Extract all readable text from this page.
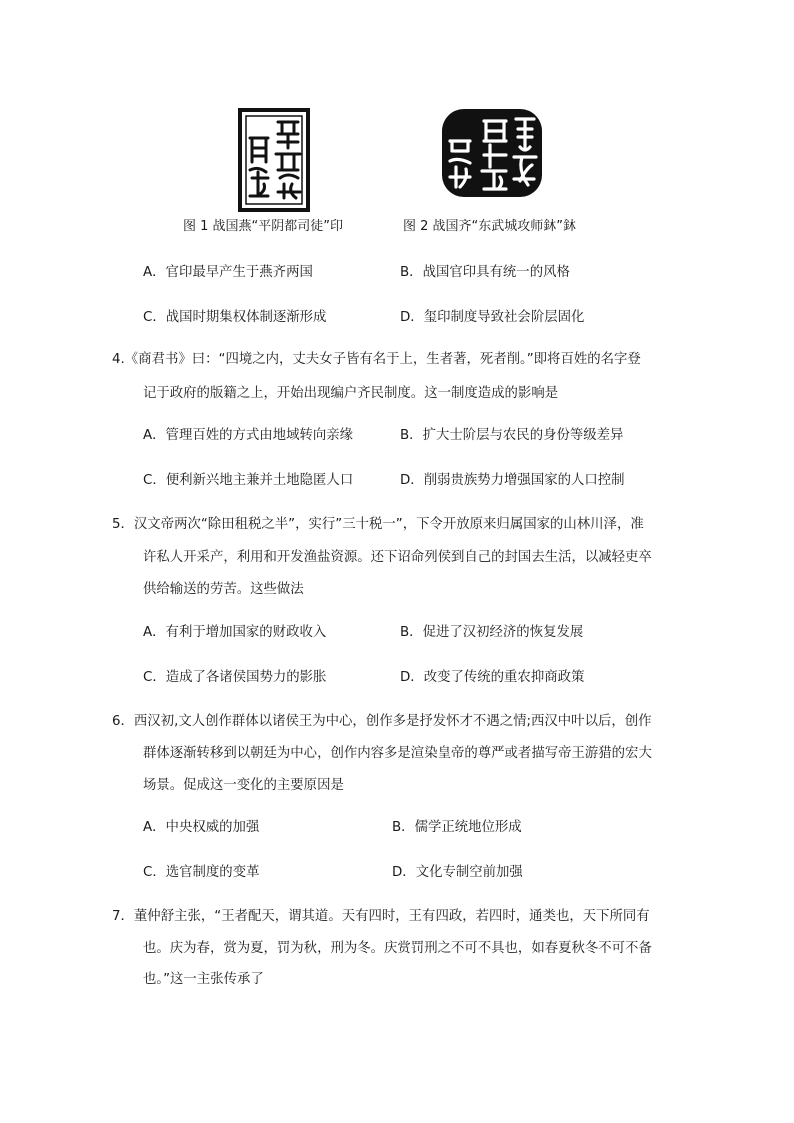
图 1 战国燕“平阴都司徒”印	图 2 战国齐“东武城攻师鈢”鈢
A．官印最早产生于燕齐两国	B．战国官印具有统一的风格
C．战国时期集权体制逐渐形成	D．玺印制度导致社会阶层固化
4.《商君书》曰：“四境之内，丈夫女子皆有名于上，生者著，死者削。”即将百姓的名字登
记于政府的版籍之上，开始出现编户齐民制度。这一制度造成的影响是
A．管理百姓的方式由地域转向亲缘	B．扩大士阶层与农民的身份等级差异
C．便利新兴地主兼并土地隐匿人口	D．削弱贵族势力增强国家的人口控制
5．汉文帝两次“除田租税之半”，实行”三十税一”，下令开放原来归属国家的山林川泽，准
许私人开采产，利用和开发渔盐资源。还下诏命列侯到自己的封国去生活，以减轻吏卒
供给输送的劳苦。这些做法
A．有利于增加国家的财政收入	B．促进了汉初经济的恢复发展
C．造成了各诸侯国势力的影胀	D．改变了传统的重农抑商政策
6．西汉初,文人创作群体以诸侯王为中心，创作多是抒发怀才不遇之情;西汉中叶以后，创作
群体逐渐转移到以朝廷为中心，创作内容多是渲染皇帝的尊严或者描写帝王游猎的宏大
场景。促成这一变化的主要原因是
A．中央权威的加强	B．儒学正统地位形成
C．选官制度的变革	D．文化专制空前加强
7．董仲舒主张，“王者配天，谓其道。天有四时，王有四政，若四时，通类也，天下所同有
也。庆为春，赏为夏，罚为秋，刑为冬。庆赏罚刑之不可不具也，如春夏秋冬不可不备
也。”这一主张传承了
